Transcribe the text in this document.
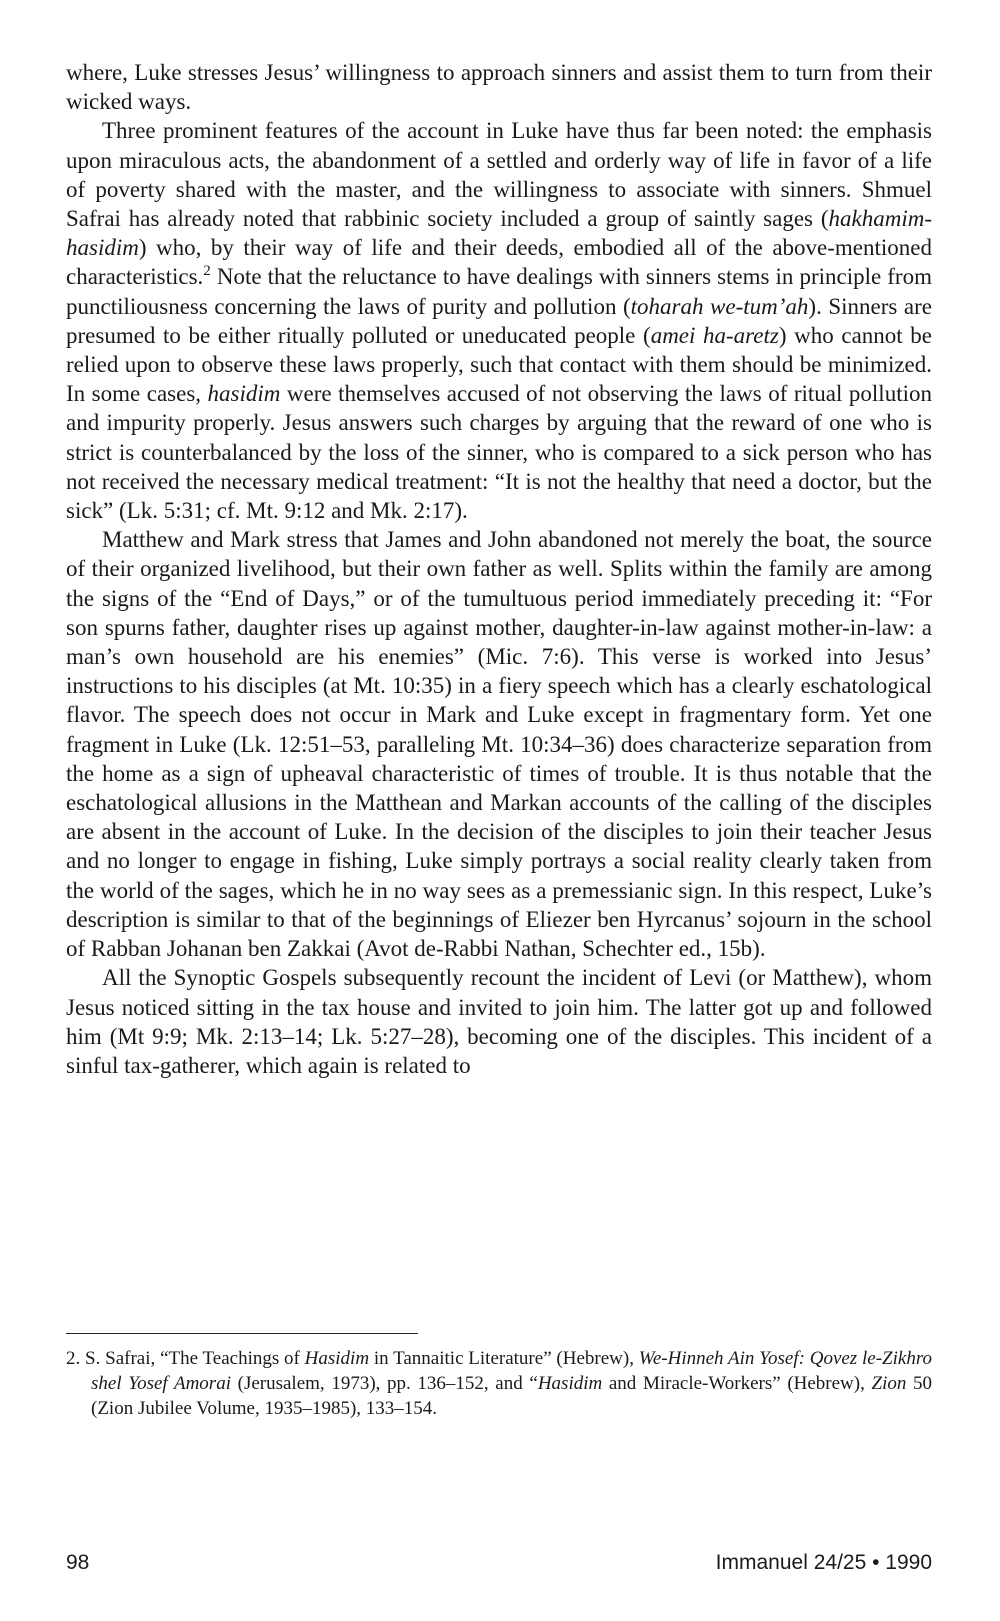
where, Luke stresses Jesus’ willingness to approach sinners and assist them to turn from their wicked ways.

Three prominent features of the account in Luke have thus far been noted: the emphasis upon miraculous acts, the abandonment of a settled and orderly way of life in favor of a life of poverty shared with the master, and the willingness to associate with sinners. Shmuel Safrai has already noted that rabbinic society included a group of saintly sages (hakhamim-hasidim) who, by their way of life and their deeds, embodied all of the above-mentioned characteristics.$^2$ Note that the reluctance to have dealings with sinners stems in principle from punctiliousness concerning the laws of purity and pollution (toharah we-tum’ah). Sinners are presumed to be either ritually polluted or uneducated people (amei ha-aretz) who cannot be relied upon to observe these laws properly, such that contact with them should be minimized. In some cases, hasidim were themselves accused of not observing the laws of ritual pollution and impurity properly. Jesus answers such charges by arguing that the reward of one who is strict is counterbalanced by the loss of the sinner, who is compared to a sick person who has not received the necessary medical treatment: “It is not the healthy that need a doctor, but the sick” (Lk. 5:31; cf. Mt. 9:12 and Mk. 2:17).

Matthew and Mark stress that James and John abandoned not merely the boat, the source of their organized livelihood, but their own father as well. Splits within the family are among the signs of the “End of Days,” or of the tumultuous period immediately preceding it: “For son spurns father, daughter rises up against mother, daughter-in-law against mother-in-law: a man’s own household are his enemies” (Mic. 7:6). This verse is worked into Jesus’ instructions to his disciples (at Mt. 10:35) in a fiery speech which has a clearly eschatological flavor. The speech does not occur in Mark and Luke except in fragmentary form. Yet one fragment in Luke (Lk. 12:51–53, paralleling Mt. 10:34–36) does characterize separation from the home as a sign of upheaval characteristic of times of trouble. It is thus notable that the eschatological allusions in the Matthean and Markan accounts of the calling of the disciples are absent in the account of Luke. In the decision of the disciples to join their teacher Jesus and no longer to engage in fishing, Luke simply portrays a social reality clearly taken from the world of the sages, which he in no way sees as a premessianic sign. In this respect, Luke’s description is similar to that of the beginnings of Eliezer ben Hyrcanus’ sojourn in the school of Rabban Johanan ben Zakkai (Avot de-Rabbi Nathan, Schechter ed., 15b).

All the Synoptic Gospels subsequently recount the incident of Levi (or Matthew), whom Jesus noticed sitting in the tax house and invited to join him. The latter got up and followed him (Mt 9:9; Mk. 2:13–14; Lk. 5:27–28), becoming one of the disciples. This incident of a sinful tax-gatherer, which again is related to

2. S. Safrai, “The Teachings of Hasidim in Tannaitic Literature” (Hebrew), We-Hinneh Ain Yosef: Qovez le-Zikhro shel Yosef Amorai (Jerusalem, 1973), pp. 136–152, and “Hasidim and Miracle-Workers” (Hebrew), Zion 50 (Zion Jubilee Volume, 1935–1985), 133–154.
98	Immanuel 24/25 • 1990
